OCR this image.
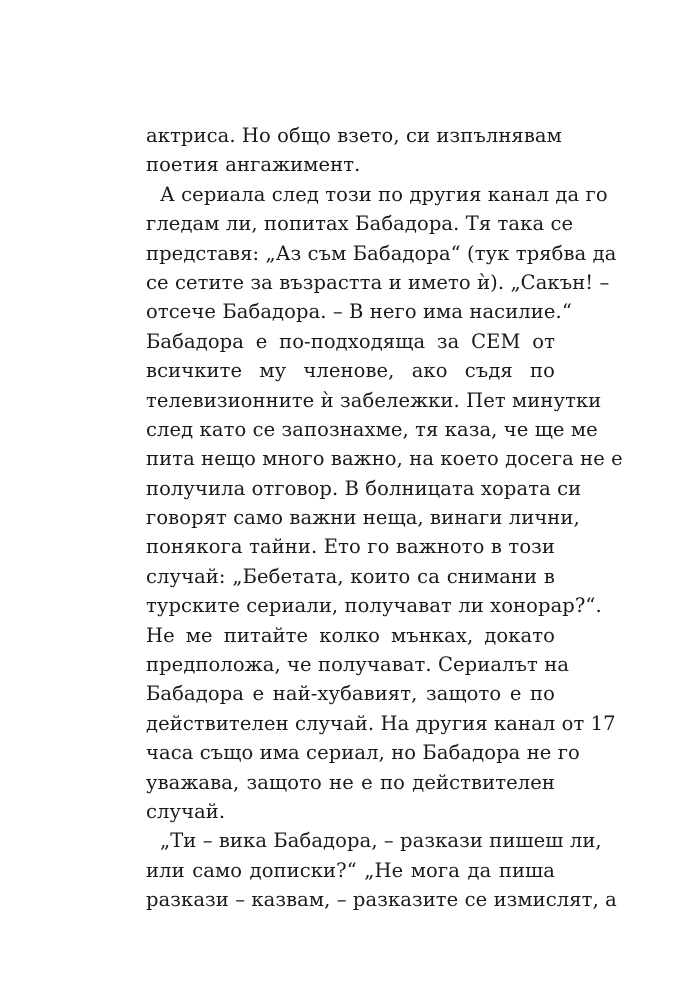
актриса. Но общо взето, си изпълнявам
поетия ангажимент.
А сериала след този по другия канал да го
гледам ли, попитах Бабадора. Тя така се
представя: „Аз съм Бабадора“ (тук трябва да
се сетите за възрастта и името ѝ). „Сакън! –
отсече Бабадора. – В него има насилие.“
Бабадора е по-подходяща за СЕМ от
всичките му членове, ако съдя по
телевизионните ѝ забележки. Пет минутки
след като се запознахме, тя каза, че ще ме
пита нещо много важно, на което досега не е
получила отговор. В болницата хората си
говорят само важни неща, винаги лични,
понякога тайни. Ето го важното в този
случай: „Бебетата, които са снимани в
турските сериали, получават ли хонорар?“.
Не ме питайте колко мънках, докато
предположа, че получават. Сериалът на
Бабадора е най-хубавият, защото е по
действителен случай. На другия канал от 17
часа също има сериал, но Бабадора не го
уважава, защото не е по действителен
случай.
„Ти – вика Бабадора, – разкази пишеш ли,
или само дописки?“ „Не мога да пиша
разкази – казвам, – разказите се измислят, а
